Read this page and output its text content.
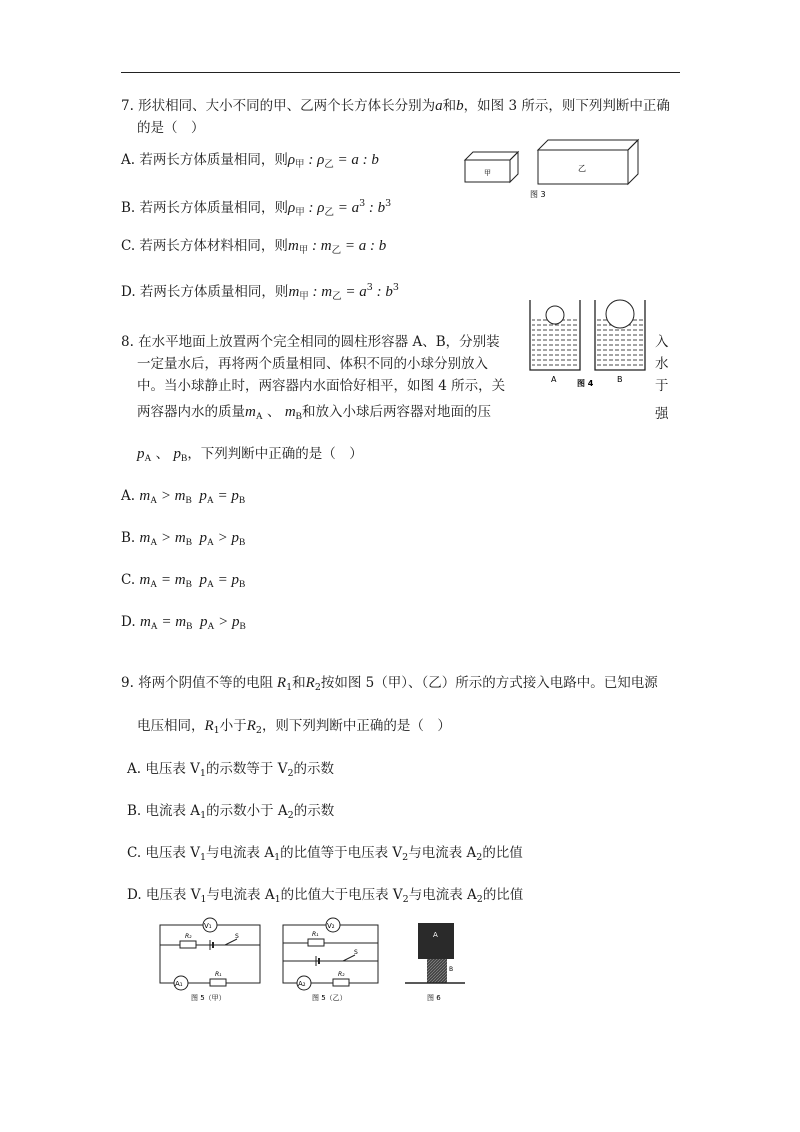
7. 形状相同、大小不同的甲、乙两个长方体长分别为a和b，如图 3 所示，则下列判断中正确
的是（　）
A. 若两长方体质量相同，则$\rho_甲$ : $\rho_乙 = a$ : b
B. 若两长方体质量相同，则$\rho_甲$ : $\rho_乙 = a^3$ : $b^3$
C. 若两长方体材料相同，则$m_甲$ : $m_乙 = a$ : b
D. 若两长方体质量相同，则$m_甲$ : $m_乙 = a^3$ : $b^3$
甲	乙
图 3
8. 在水平地面上放置两个完全相同的圆柱形容器 A、B，分别装	入
一定量水后，再将两个质量相同、体积不同的小球分别放入	水
中。当小球静止时，两容器内水面恰好相平，如图 4 所示，关	于
两容器内水的质量$m_A$ 、 $m_B$和放入小球后两容器对地面的压	强
$p_A$ 、 $p_B$，下列判断中正确的是（　）
A. $m_A > m_B$  $p_A = p_B$
B. $m_A > m_B$  $p_A > p_B$
C. $m_A = m_B$  $p_A = p_B$
D. $m_A = m_B$  $p_A > p_B$
A	图 4	B
9. 将两个阴值不等的电阻 $R_1$和$R_2$按如图 5（甲）、（乙）所示的方式接入电路中。已知电源
电压相同，$R_1$小于$R_2$，则下列判断中正确的是（　）
A. 电压表 $V_1$的示数等于 $V_2$的示数
B. 电流表 $A_1$的示数小于 $A_2$的示数
C. 电压表 $V_1$与电流表 $A_1$的比值等于电压表 $V_2$与电流表 $A_2$的比值
D. 电压表 $V_1$与电流表 $A_1$的比值大于电压表 $V_2$与电流表 $A_2$的比值
V₁
R₂	S
A₁
R₁
图 5（甲）
V₂
R₁
S
A₂
R₂
图 5（乙）
A
B
图 6
